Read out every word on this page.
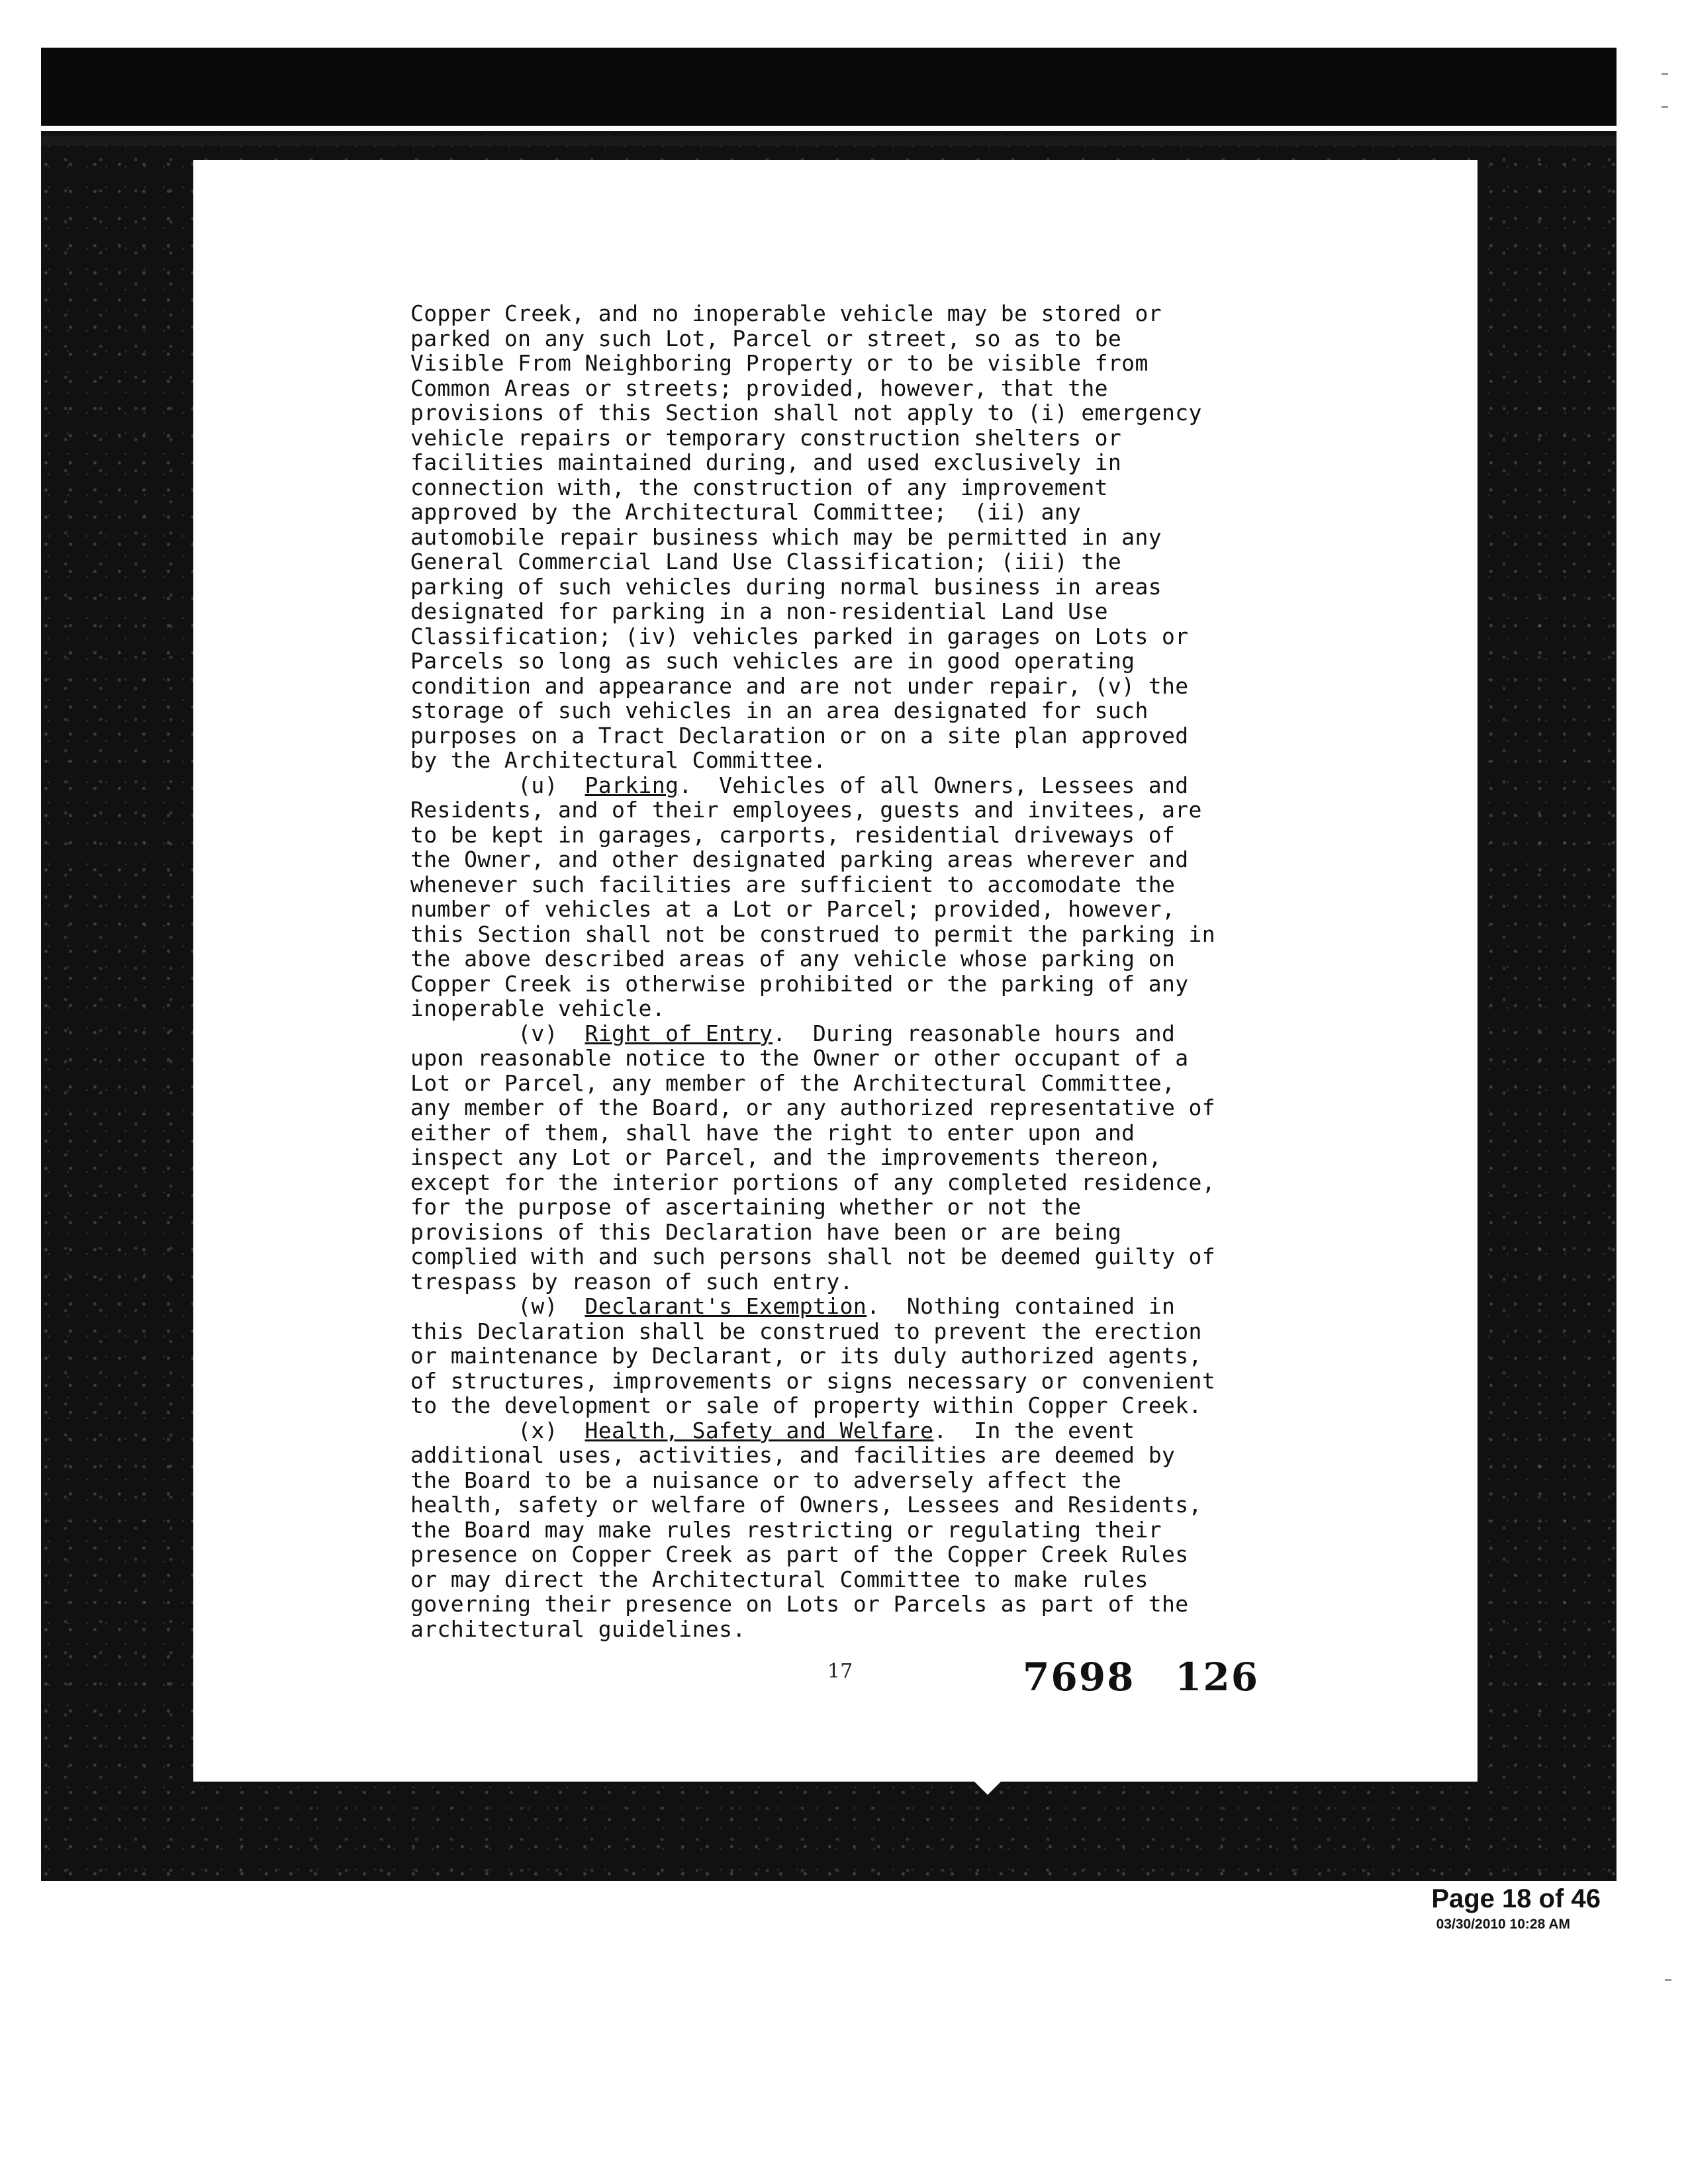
Copper Creek, and no inoperable vehicle may be stored or
parked on any such Lot, Parcel or street, so as to be
Visible From Neighboring Property or to be visible from
Common Areas or streets; provided, however, that the
provisions of this Section shall not apply to (i) emergency
vehicle repairs or temporary construction shelters or
facilities maintained during, and used exclusively in
connection with, the construction of any improvement
approved by the Architectural Committee;  (ii) any
automobile repair business which may be permitted in any
General Commercial Land Use Classification; (iii) the
parking of such vehicles during normal business in areas
designated for parking in a non-residential Land Use
Classification; (iv) vehicles parked in garages on Lots or
Parcels so long as such vehicles are in good operating
condition and appearance and are not under repair, (v) the
storage of such vehicles in an area designated for such
purposes on a Tract Declaration or on a site plan approved
by the Architectural Committee.
(u)  Parking.  Vehicles of all Owners, Lessees and
Residents, and of their employees, guests and invitees, are
to be kept in garages, carports, residential driveways of
the Owner, and other designated parking areas wherever and
whenever such facilities are sufficient to accomodate the
number of vehicles at a Lot or Parcel; provided, however,
this Section shall not be construed to permit the parking in
the above described areas of any vehicle whose parking on
Copper Creek is otherwise prohibited or the parking of any
inoperable vehicle.
(v)  Right of Entry.  During reasonable hours and
upon reasonable notice to the Owner or other occupant of a
Lot or Parcel, any member of the Architectural Committee,
any member of the Board, or any authorized representative of
either of them, shall have the right to enter upon and
inspect any Lot or Parcel, and the improvements thereon,
except for the interior portions of any completed residence,
for the purpose of ascertaining whether or not the
provisions of this Declaration have been or are being
complied with and such persons shall not be deemed guilty of
trespass by reason of such entry.
(w)  Declarant's Exemption.  Nothing contained in
this Declaration shall be construed to prevent the erection
or maintenance by Declarant, or its duly authorized agents,
of structures, improvements or signs necessary or convenient
to the development or sale of property within Copper Creek.
(x)  Health, Safety and Welfare.  In the event
additional uses, activities, and facilities are deemed by
the Board to be a nuisance or to adversely affect the
health, safety or welfare of Owners, Lessees and Residents,
the Board may make rules restricting or regulating their
presence on Copper Creek as part of the Copper Creek Rules
or may direct the Architectural Committee to make rules
governing their presence on Lots or Parcels as part of the
architectural guidelines.
17	7698 126
Page 18 of 46
03/30/2010 10:28 AM
